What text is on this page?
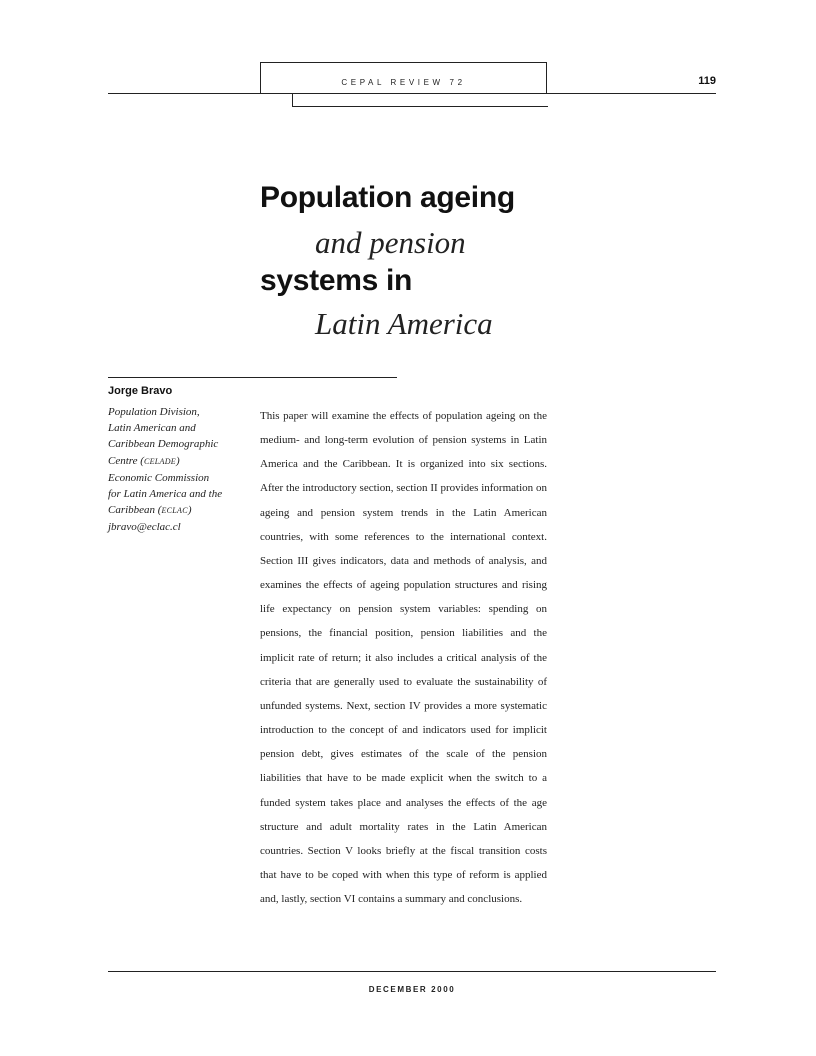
CEPAL REVIEW 72	119
Population ageing
and pension
systems in
Latin America
Jorge Bravo
Population Division,
Latin American and
Caribbean Demographic
Centre (CELADE)
Economic Commission
for Latin America and the
Caribbean (ECLAC)
jbravo@eclac.cl

This paper will examine the effects of population ageing on the medium- and long-term evolution of pension systems in Latin America and the Caribbean. It is organized into six sections. After the introductory section, section II provides information on ageing and pension system trends in the Latin American countries, with some references to the international context. Section III gives indicators, data and methods of analysis, and examines the effects of ageing population structures and rising life expectancy on pension system variables: spending on pensions, the financial position, pension liabilities and the implicit rate of return; it also includes a critical analysis of the criteria that are generally used to evaluate the sustainability of unfunded systems. Next, section IV provides a more systematic introduction to the concept of and indicators used for implicit pension debt, gives estimates of the scale of the pension liabilities that have to be made explicit when the switch to a funded system takes place and analyses the effects of the age structure and adult mortality rates in the Latin American countries. Section V looks briefly at the fiscal transition costs that have to be coped with when this type of reform is applied and, lastly, section VI contains a summary and conclusions.

DECEMBER 2000
